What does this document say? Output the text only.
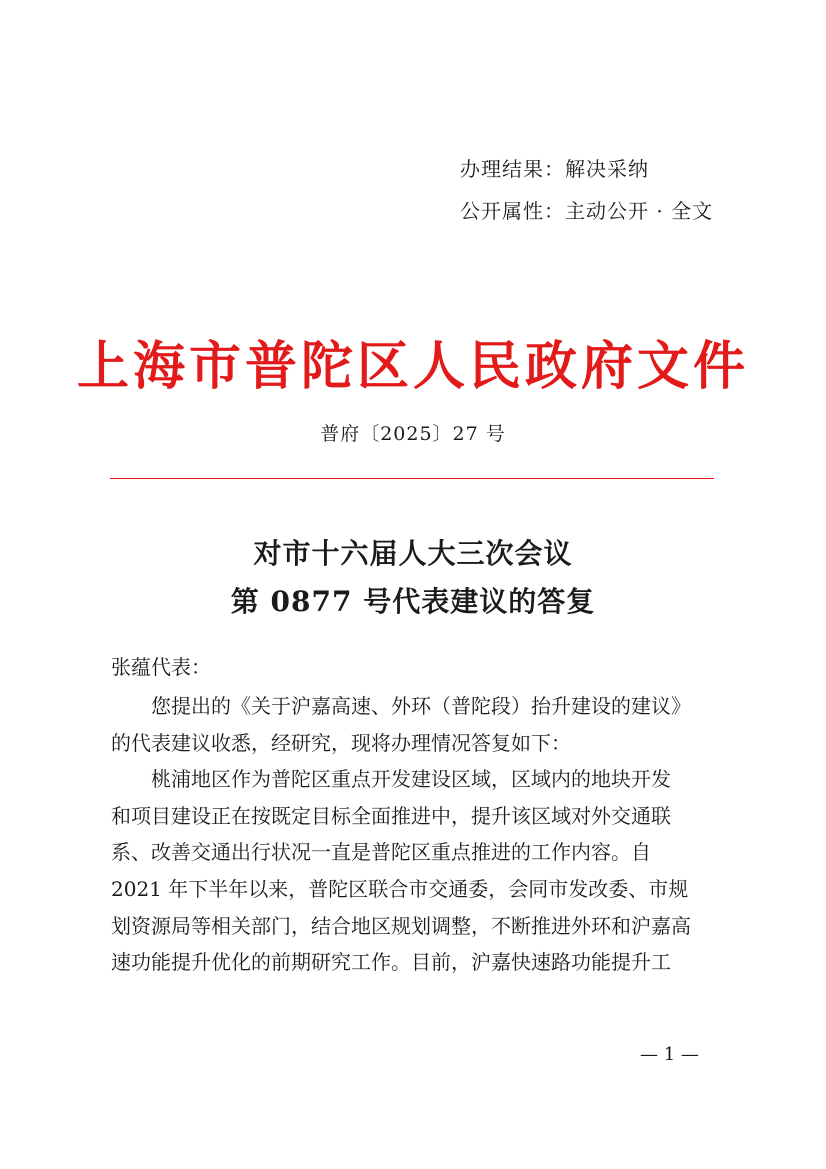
办理结果：解决采纳
公开属性：主动公开 · 全文
上海市普陀区人民政府文件
普府〔2025〕27 号
对市十六届人大三次会议
第 0877 号代表建议的答复
张蕴代表：
您提出的《关于沪嘉高速、外环（普陀段）抬升建设的建议》
的代表建议收悉，经研究，现将办理情况答复如下：
桃浦地区作为普陀区重点开发建设区域，区域内的地块开发
和项目建设正在按既定目标全面推进中，提升该区域对外交通联
系、改善交通出行状况一直是普陀区重点推进的工作内容。自
2021 年下半年以来，普陀区联合市交通委，会同市发改委、市规
划资源局等相关部门，结合地区规划调整，不断推进外环和沪嘉高
速功能提升优化的前期研究工作。目前，沪嘉快速路功能提升工
— 1 —
